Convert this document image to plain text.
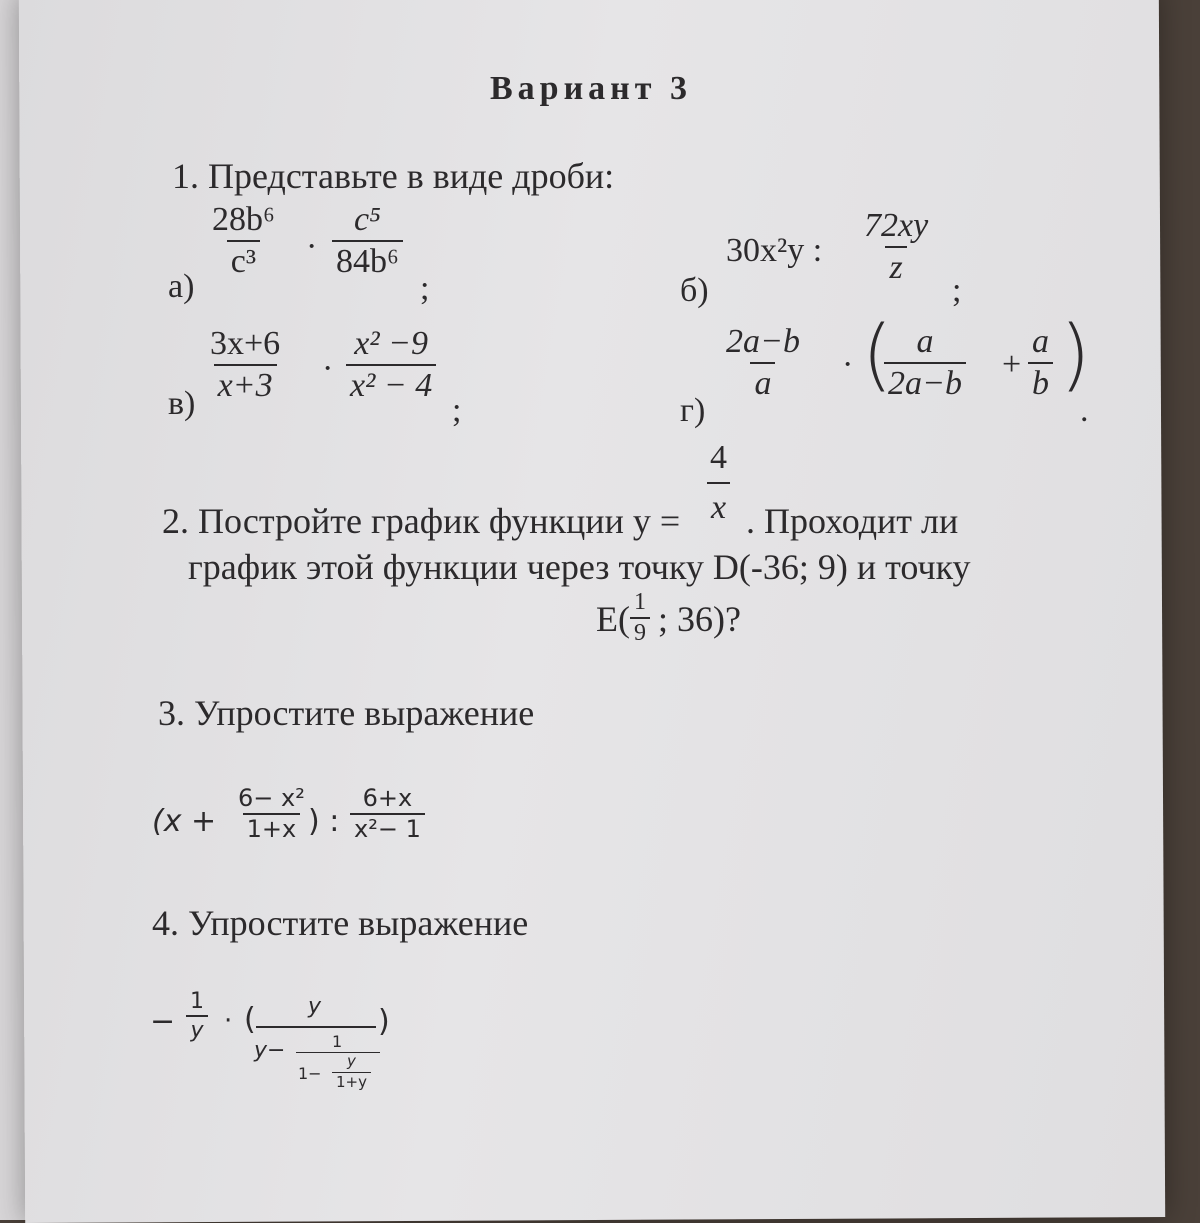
Вариант 3
1. Представьте в виде дроби:
а)
$\frac{\text{28b⁶}}{\text{c³}} \cdot \frac{\text{c⁵}}{\text{84b⁶}}$
;	б)
30x²y : $\frac{72xy}{z}$
;
в)
$\frac{3x+6}{x+3} \cdot \frac{\text{x² −9}}{\text{x² − 4}}$
;	г)
$\frac{2a-b}{a}$ · (
$\frac{a}{2a-b} + \frac{a}{b}$ )
.
$\frac{4}{x}$
2. Постройте график функции y = . Проходит ли
график этой функции через точку D(-36; 9) и точку
$E( \frac{1}{9}$ ; 36)?
3. Упростите выражение
($x + \frac{\text{6− x²}}{1+x}$ ) : $\frac{6+x}{\text{x²− 1}}$
4. Упростите выражение
− $\frac{1}{y}$ · ( y
y−	1
$1- \frac{y}{1+y}$
)
